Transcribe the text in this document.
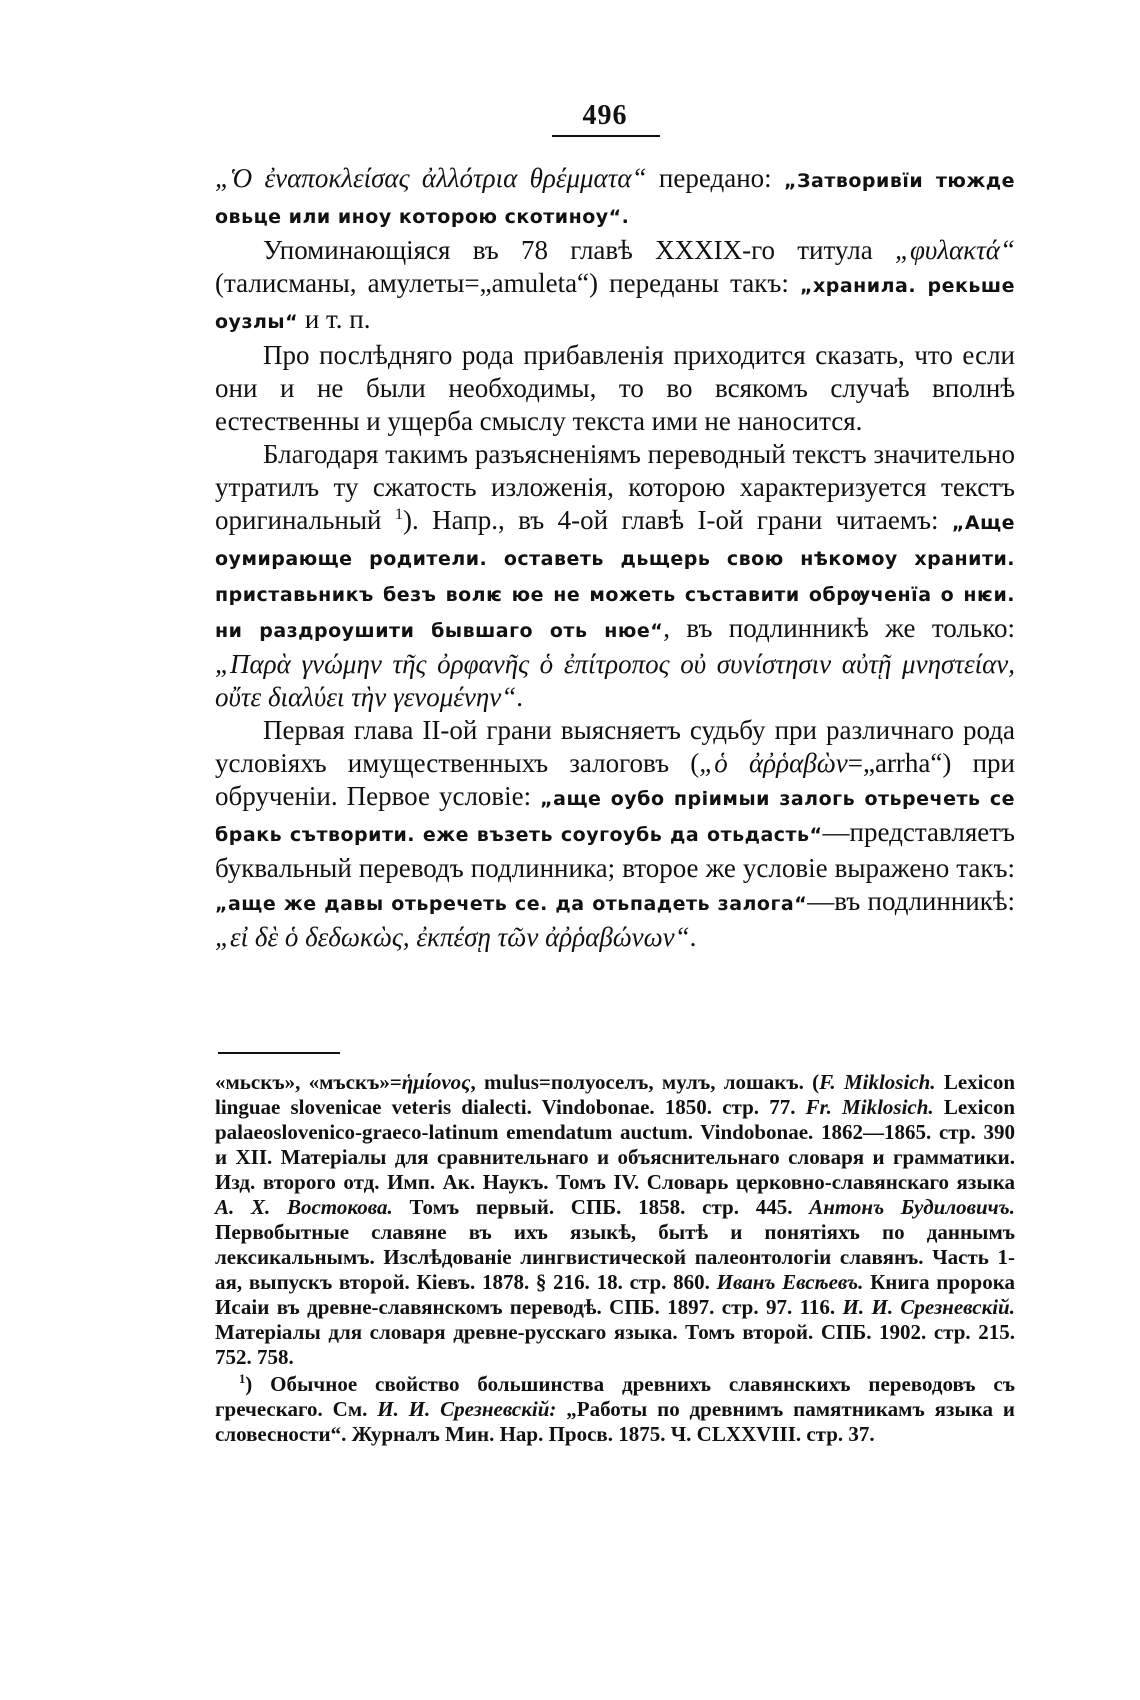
496

„Ὁ ἐναποκλείσας ἀλλότρια θρέμματα“ передано: „Затворивїи тюжде овьце или иноу которою скотиноу“.

Упоминающіяся въ 78 главѣ XXXIX-го титула „φυλακτά“ (талисманы, амулеты=„amuleta“) переданы такъ: „хранила. рекьше оузлы“ и т. п.

Про послѣдняго рода прибавленія приходится сказать, что если они и не были необходимы, то во всякомъ случаѣ вполнѣ естественны и ущерба смыслу текста ими не наносится.

Благодаря такимъ разъясненіямъ переводный текстъ значительно утратилъ ту сжатость изложенія, которою характеризуется текстъ оригинальный $^1$). Напр., въ 4-ой главѣ I-ой грани читаемъ: „Аще оумирающе родители. оставеть дьщерь свою нѣкомоу хранити. приставьникъ безъ волѥ юе не можеть съставити обрѹченїа о нѥи. ни раздроушити бывшаго оть нюе“, въ подлинникѣ же только: „Παρὰ γνώμην τῆς ὀρφανῆς ὁ ἐπίτροπος οὐ συνίστησιν αὐτῇ μνηστείαν, οὔτε διαλύει τὴν γενομένην“.

Первая глава II-ой грани выясняетъ судьбу при различнаго рода условіяхъ имущественныхъ залоговъ („ὁ ἀῤῥαβὼν=„arrha“) при обрученіи. Первое условіе: „аще оубо пріимыи залогь отьречеть се бракь сътворити. еже възеть соугоубь да отьдасть“—представляетъ буквальный переводъ подлинника; второе же условіе выражено такъ: „аще же давы отьречеть се. да отьпадеть залога“—въ подлинникѣ: „εἰ δὲ ὁ δεδωκὼς, ἐκπέσῃ τῶν ἀῤῥαβώνων“.

«мьскъ», «мъскъ»=ἡμίονος, mulus=полуоселъ, мулъ, лошакъ. (F. Miklosich. Lexicon linguae slovenicae veteris dialecti. Vindobonae. 1850. стр. 77. Fr. Miklosich. Lexicon palaeoslovenico-graeco-latinum emendatum auctum. Vindobonae. 1862—1865. стр. 390 и XII. Матеріалы для сравнительнаго и объяснительнаго словаря и грамматики. Изд. второго отд. Имп. Ак. Наукъ. Томъ IV. Словарь церковно-славянскаго языка А. Х. Востокова. Томъ первый. СПБ. 1858. стр. 445. Антонъ Будиловичъ. Первобытные славяне въ ихъ языкѣ, бытѣ и понятіяхъ по даннымъ лексикальнымъ. Изслѣдованіе лингвистической палеонтологіи славянъ. Часть 1-ая, выпускъ второй. Кіевъ. 1878. § 216. 18. стр. 860. Иванъ Евсѣевъ. Книга пророка Исаіи въ древне-славянскомъ переводѣ. СПБ. 1897. стр. 97. 116. И. И. Срезневскій. Матеріалы для словаря древне-русскаго языка. Томъ второй. СПБ. 1902. стр. 215. 752. 758.

$^1$) Обычное свойство большинства древнихъ славянскихъ переводовъ съ греческаго. См. И. И. Срезневскій: „Работы по древнимъ памятникамъ языка и словесности“. Журналъ Мин. Нар. Просв. 1875. Ч. CLXXVIII. стр. 37.
